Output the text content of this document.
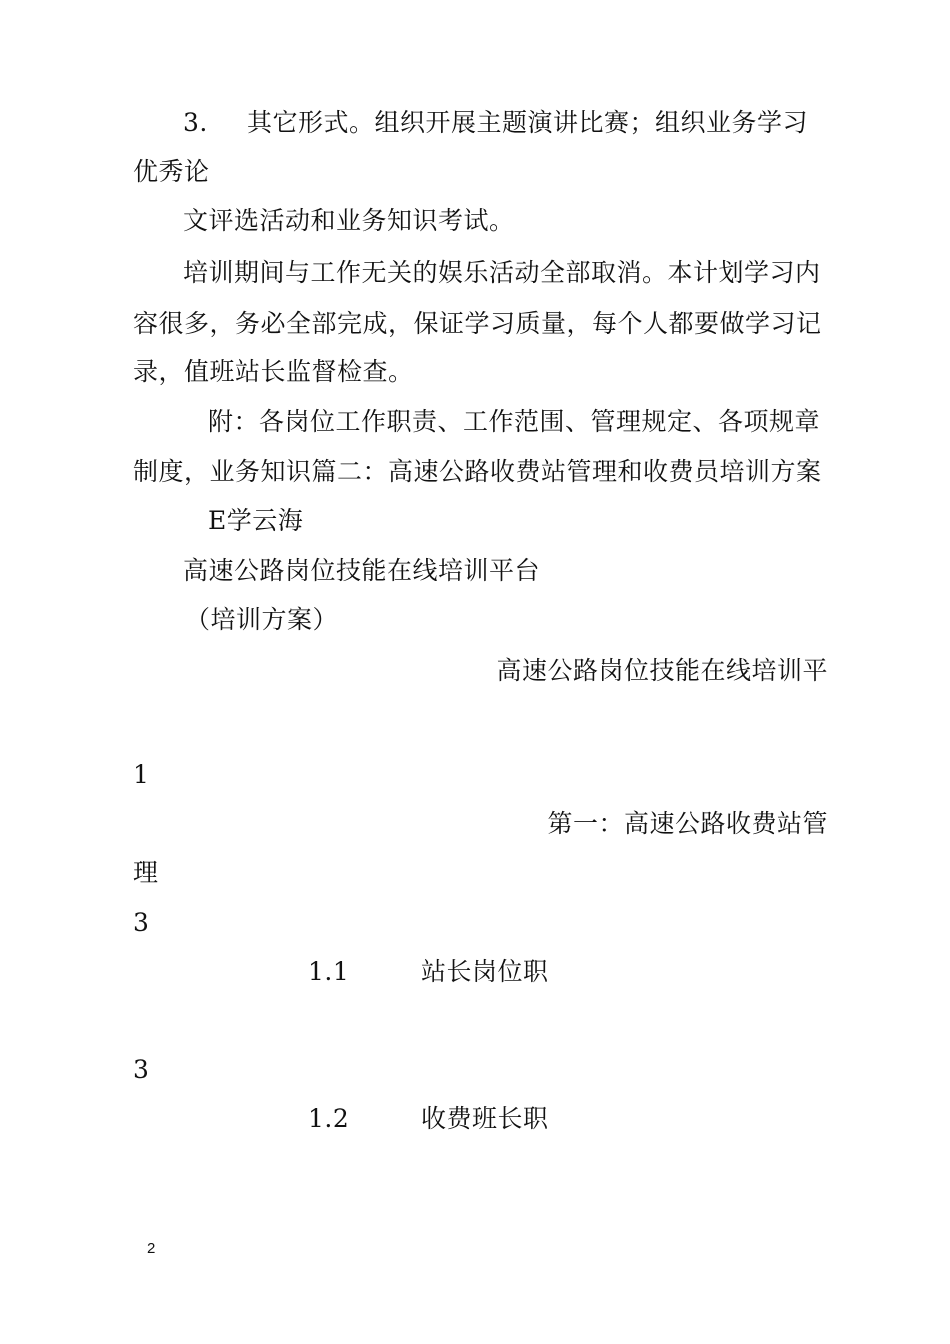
3. 其它形式。组织开展主题演讲比赛；组织业务学习
优秀论
文评选活动和业务知识考试。
培训期间与工作无关的娱乐活动全部取消。本计划学习内
容很多，务必全部完成，保证学习质量，每个人都要做学习记
录，值班站长监督检查。
附：各岗位工作职责、工作范围、管理规定、各项规章
制度，业务知识篇二：高速公路收费站管理和收费员培训方案
E学云海
高速公路岗位技能在线培训平台
（培训方案）
高速公路岗位技能在线培训平
1
第一：高速公路收费站管
理
3
1.1	站长岗位职
3
1.2	收费班长职
2
